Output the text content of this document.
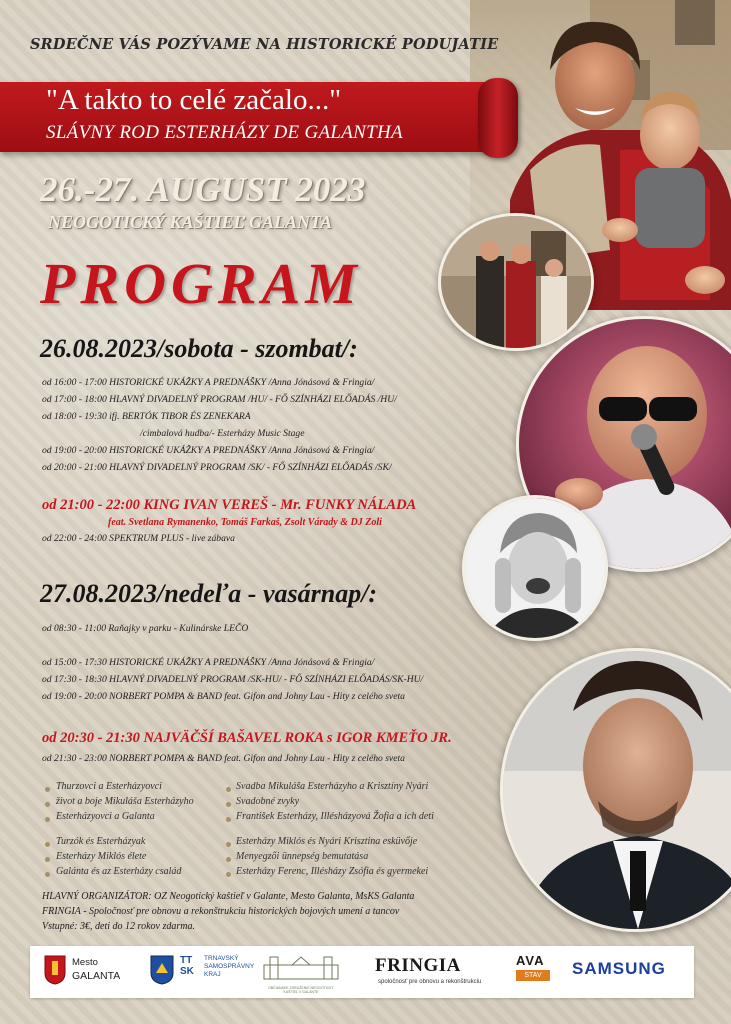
SRDEČNE VÁS POZÝVAME NA HISTORICKÉ PODUJATIE
"A takto to celé začalo..."
SLÁVNY ROD ESTERHÁZY DE GALANTHA
26.-27. AUGUST 2023
NEOGOTICKÝ KAŠTIEĽ GALANTA
PROGRAM
26.08.2023/sobota - szombat/:
od 16:00 - 17:00 HISTORICKÉ UKÁŽKY A PREDNÁŠKY /Anna Jónásová & Fringia/
od 17:00 - 18:00 HLAVNÝ DIVADELNÝ PROGRAM /HU/ - FŐ SZÍNHÁZI ELŐADÁS /HU/
od 18:00 - 19:30 ifj. BERTÓK TIBOR ÉS ZENEKARA
/cimbalová hudba/- Esterházy Music Stage
od 19:00 - 20:00 HISTORICKÉ UKÁŽKY A PREDNÁŠKY /Anna Jónásová & Fringia/
od 20:00 - 21:00 HLAVNÝ DIVADELNÝ PROGRAM /SK/ - FŐ SZÍNHÁZI ELŐADÁS /SK/
od 21:00 - 22:00 KING IVAN VEREŠ - Mr. FUNKY NÁLADA
feat. Svetlana Rymanenko, Tomáš Farkaš, Zsolt Várady & DJ Zoli
od 22:00 - 24:00 SPEKTRUM PLUS - live zábava
27.08.2023/nedeľa - vasárnap/:
od 08:30 - 11:00 Raňajky v parku - Kulinárske LEČO
od 15:00 - 17:30 HISTORICKÉ UKÁŽKY A PREDNÁŠKY /Anna Jónásová & Fringia/
od 17:30 - 18:30 HLAVNÝ DIVADELNÝ PROGRAM /SK-HU/ - FŐ SZÍNHÁZI ELŐADÁS/SK-HU/
od 19:00 - 20:00 NORBERT POMPA & BAND feat. Gifon and Johny Lau - Hity z celého sveta
od 20:30 - 21:30 NAJVÄČŠÍ BAŠAVEL ROKA s IGOR KMEŤO JR.
od 21:30 - 23:00 NORBERT POMPA & BAND feat. Gifon and Johny Lau - Hity z celého sveta
Thurzovci a Esterházyovci
život a boje Mikuláša Esterházyho
Esterházyovci a Galanta
Svadba Mikuláša Esterházyho a Krisztíny Nyári
Svadobné zvyky
František Esterházy, Illésházyová Žofia a ich deti
Turzók és Esterházyak
Esterházy Miklós élete
Galánta és az Esterházy család
Esterházy Miklós és Nyári Krisztina esküvője
Menyegzői ünnepség bemutatása
Esterházy Ferenc, Illésházy Zsófia és gyermekei
HLAVNÝ ORGANIZÁTOR: OZ Neogotický kaštieľ v Galante, Mesto Galanta, MsKS Galanta
FRINGIA - Spoločnosť pre obnovu a rekonštrukciu historických bojových umení a tancov
Vstupné: 3€, deti do 12 rokov zdarma.
Mesto
GALANTA
TT
SK
TRNAVSKÝ
SAMOSPRÁVNY
KRAJ
OBČIANSKE ZDRUŽENIE NEOGOTICKÝ KAŠTIEĽ V GALANTE
FRINGIA
spoločnosť pre obnovu a rekonštrukciu
AVA
STAV	SAMSUNG
